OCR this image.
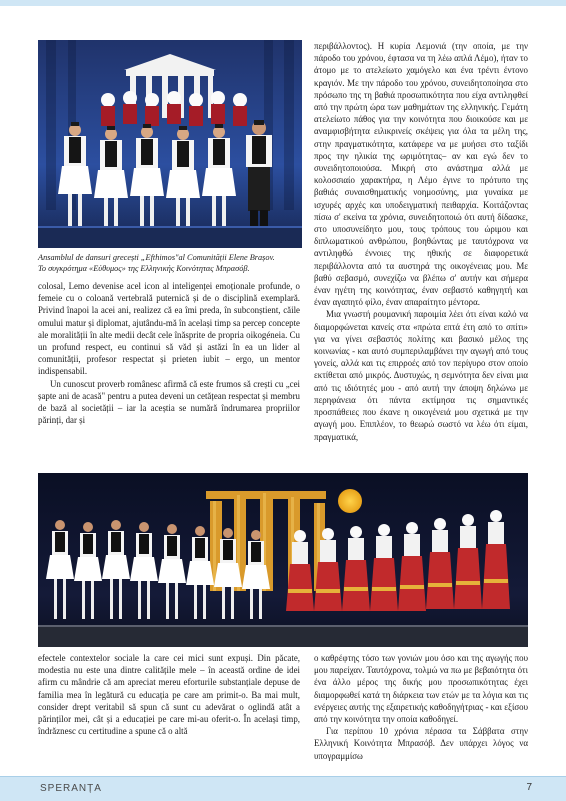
Ansamblul de dansuri grecești „Efthimos"al Comunității Elene Brașov.
Το συγκρότημα «Εύθυμος» της Ελληνικής Κοινότητας Μπρασόβ.

περιβάλλοντος). Η κυρία Λεμονιά (την οποία, με την πάροδο του χρόνου, έφτασα να τη λέω απλά Λέμο), ήταν το άτομο με το ατελείωτο χαμόγελο και ένα τρέντι έντονο κραγιόν. Με την πάροδο του χρόνου, συνειδητοποίησα στο πρόσωπο της τη βαθιά προσωπικότητα που είχα αντιληφθεί από την πρώτη ώρα των μαθημάτων της ελληνικής. Γεμάτη ατελείωτο πάθος για την κοινότητα που διοικούσε και με αναμφισβήτητα ειλικρινείς σκέψεις για όλα τα μέλη της, στην πραγματικότητα, κατάφερε να με μυήσει στο ταξίδι προς την ηλικία της ωριμότητας– αν και εγώ δεν το συνειδητοποιούσα. Μικρή στο ανάστημα αλλά με κολοσσιαίο χαρακτήρα, η Λέμο έγινε το πρότυπο της βαθιάς συναισθηματικής νοημοσύνης, μια γυναίκα με ισχυρές αρχές και υποδειγματική πειθαρχία. Κοιτάζοντας πίσω σ' εκείνα τα χρόνια, συνειδητοποιώ ότι αυτή δίδασκε, στο υποσυνείδητο μου, τους τρόπους του ώριμου και διπλωματικού ανθρώπου, βοηθώντας με ταυτόχρονα να αντιληφθώ έννοιες της ηθικής σε διαφορετικά περιβάλλοντα από τα αυστηρά της οικογένειας μου. Με βαθύ σεβασμό, συνεχίζω να βλέπω σ' αυτήν και σήμερα έναν ηγέτη της κοινότητας, έναν σεβαστό καθηγητή και έναν αγαπητό φίλο, έναν απαραίτητο μέντορα.

Μια γνωστή ρουμανική παροιμία λέει ότι είναι καλό να διαμορφώνεται κανείς στα «πρώτα επτά έτη από το σπίτι» για να γίνει σεβαστός πολίτης και βασικό μέλος της κοινωνίας - και αυτό συμπεριλαμβάνει την αγωγή από τους γονείς, αλλά και τις επιρροές από τον περίγυρο στον οποίο εκτίθεται από μικρός. Δυστυχώς, η σεμνότητα δεν είναι μια από τις ιδιότητές μου - από αυτή την άποψη δηλώνω με περηφάνεια ότι πάντα εκτίμησα τις σημαντικές προσπάθειες που έκανε η οικογένειά μου σχετικά με την αγωγή μου. Επιπλέον, το θεωρώ σωστό να λέω ότι είμαι, πραγματικά,

colosal, Lemo devenise acel icon al inteligenței emoționale profunde, o femeie cu o coloană vertebrală puternică și de o disciplină exemplară. Privind înapoi la acei ani, realizez că ea îmi preda, în subconștient, căile omului matur și diplomat, ajutându-mă în același timp sa percep concepte ale moralității în alte medii decât cele înăsprite de propria oikogéneia. Cu un profund respect, eu continui să văd și astăzi în ea un lider al comunității, profesor respectat și prieten iubit – ergo, un mentor indispensabil.

Un cunoscut proverb românesc afirmă că este frumos să crești cu „cei șapte ani de acasă" pentru a putea deveni un cetățean respectat și membru de bază al societății – iar la aceștia se numără îndrumarea propriilor părinți, dar și

efectele contextelor sociale la care cei mici sunt expuși. Din păcate, modestia nu este una dintre calitățile mele – în această ordine de idei afirm cu mândrie că am apreciat mereu eforturile substanțiale depuse de familia mea în legătură cu educația pe care am primit-o. Ba mai mult, consider drept veritabil să spun că sunt cu adevărat o oglindă atât a părinților mei, cât și a educației pe care mi-au oferit-o. În același timp, îndrăznesc cu certitudine a spune că o altă

ο καθρέφτης τόσο των γονιών μου όσο και της αγωγής που μου παρείχαν. Ταυτόχρονα, τολμώ να πω με βεβαιότητα ότι ένα άλλο μέρος της δικής μου προσωπικότητας έχει διαμορφωθεί κατά τη διάρκεια των ετών με τα λόγια και τις ενέργειες αυτής της εξαιρετικής καθοδηγήτριας - και εξίσου από την κοινότητα την οποία καθοδηγεί.

Για περίπου 10 χρόνια πέρασα τα Σάββατα στην Ελληνική Κοινότητα Μπρασόβ. Δεν υπάρχει λόγος να υπογραμμίσω

SPERANȚA	7
